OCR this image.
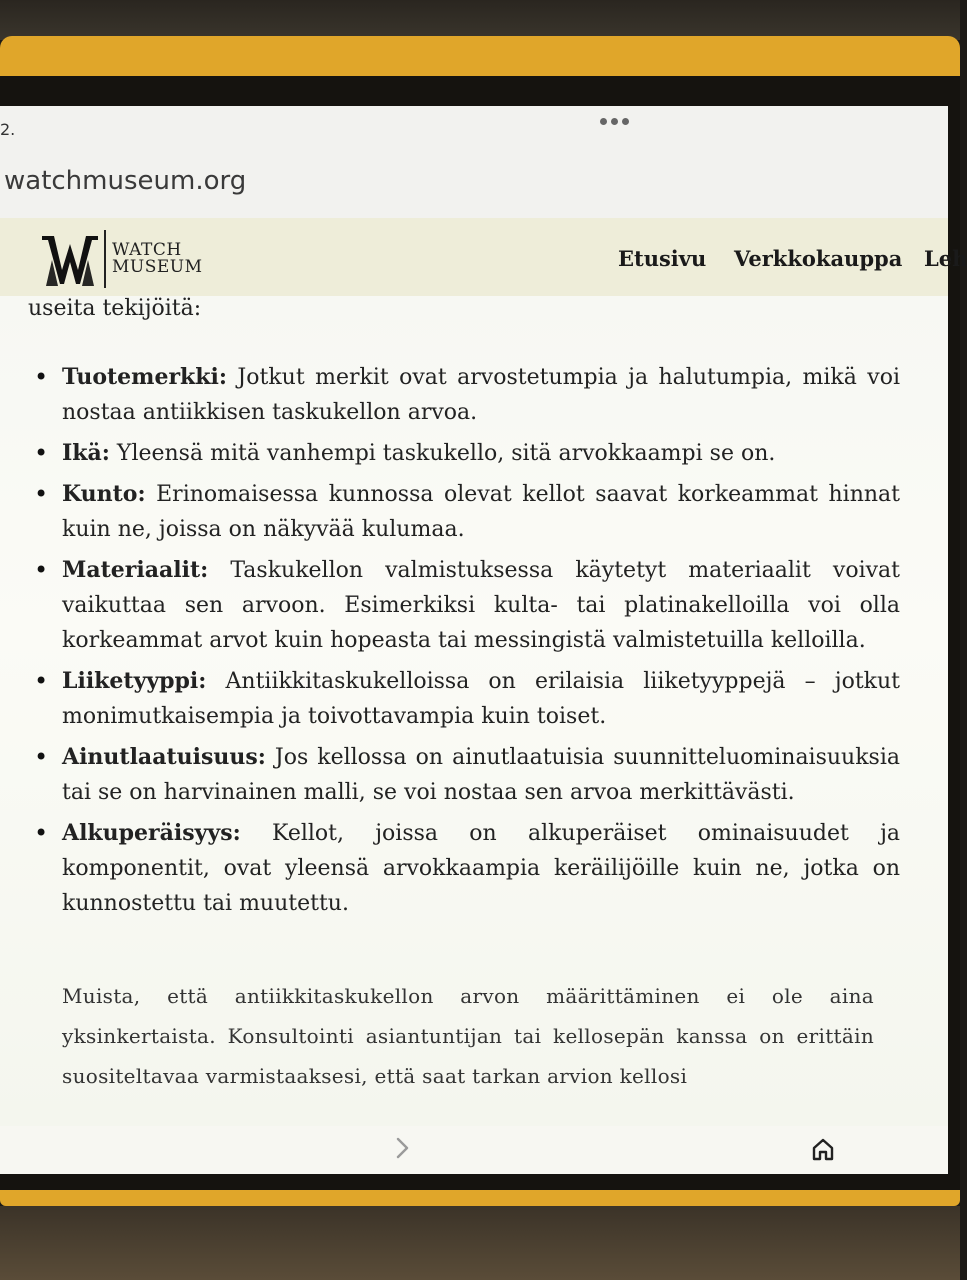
2.
watchmuseum.org
WATCH
MUSEUM	Etusivu Verkkokauppa Leh

useita tekijöitä:

• Tuotemerkki: Jotkut merkit ovat arvostetumpia ja halutumpia, mikä voi nostaa antiikkisen taskukellon arvoa.
• Ikä: Yleensä mitä vanhempi taskukello, sitä arvokkaampi se on.
• Kunto: Erinomaisessa kunnossa olevat kellot saavat korkeammat hinnat kuin ne, joissa on näkyvää kulumaa.
• Materiaalit: Taskukellon valmistuksessa käytetyt materiaalit voivat vaikuttaa sen arvoon. Esimerkiksi kulta- tai platinakelloilla voi olla korkeammat arvot kuin hopeasta tai messingistä valmistetuilla kelloilla.
• Liiketyyppi: Antiikkitaskukelloissa on erilaisia liiketyyppejä – jotkut monimutkaisempia ja toivottavampia kuin toiset.
• Ainutlaatuisuus: Jos kellossa on ainutlaatuisia suunnitteluominaisuuksia tai se on harvinainen malli, se voi nostaa sen arvoa merkittävästi.
• Alkuperäisyys: Kellot, joissa on alkuperäiset ominaisuudet ja komponentit, ovat yleensä arvokkaampia keräilijöille kuin ne, jotka on kunnostettu tai muutettu.

Muista, että antiikkitaskukellon arvon määrittäminen ei ole aina yksinkertaista. Konsultointi asiantuntijan tai kellosepän kanssa on erittäin suositeltavaa varmistaaksesi, että saat tarkan arvion kellosi
